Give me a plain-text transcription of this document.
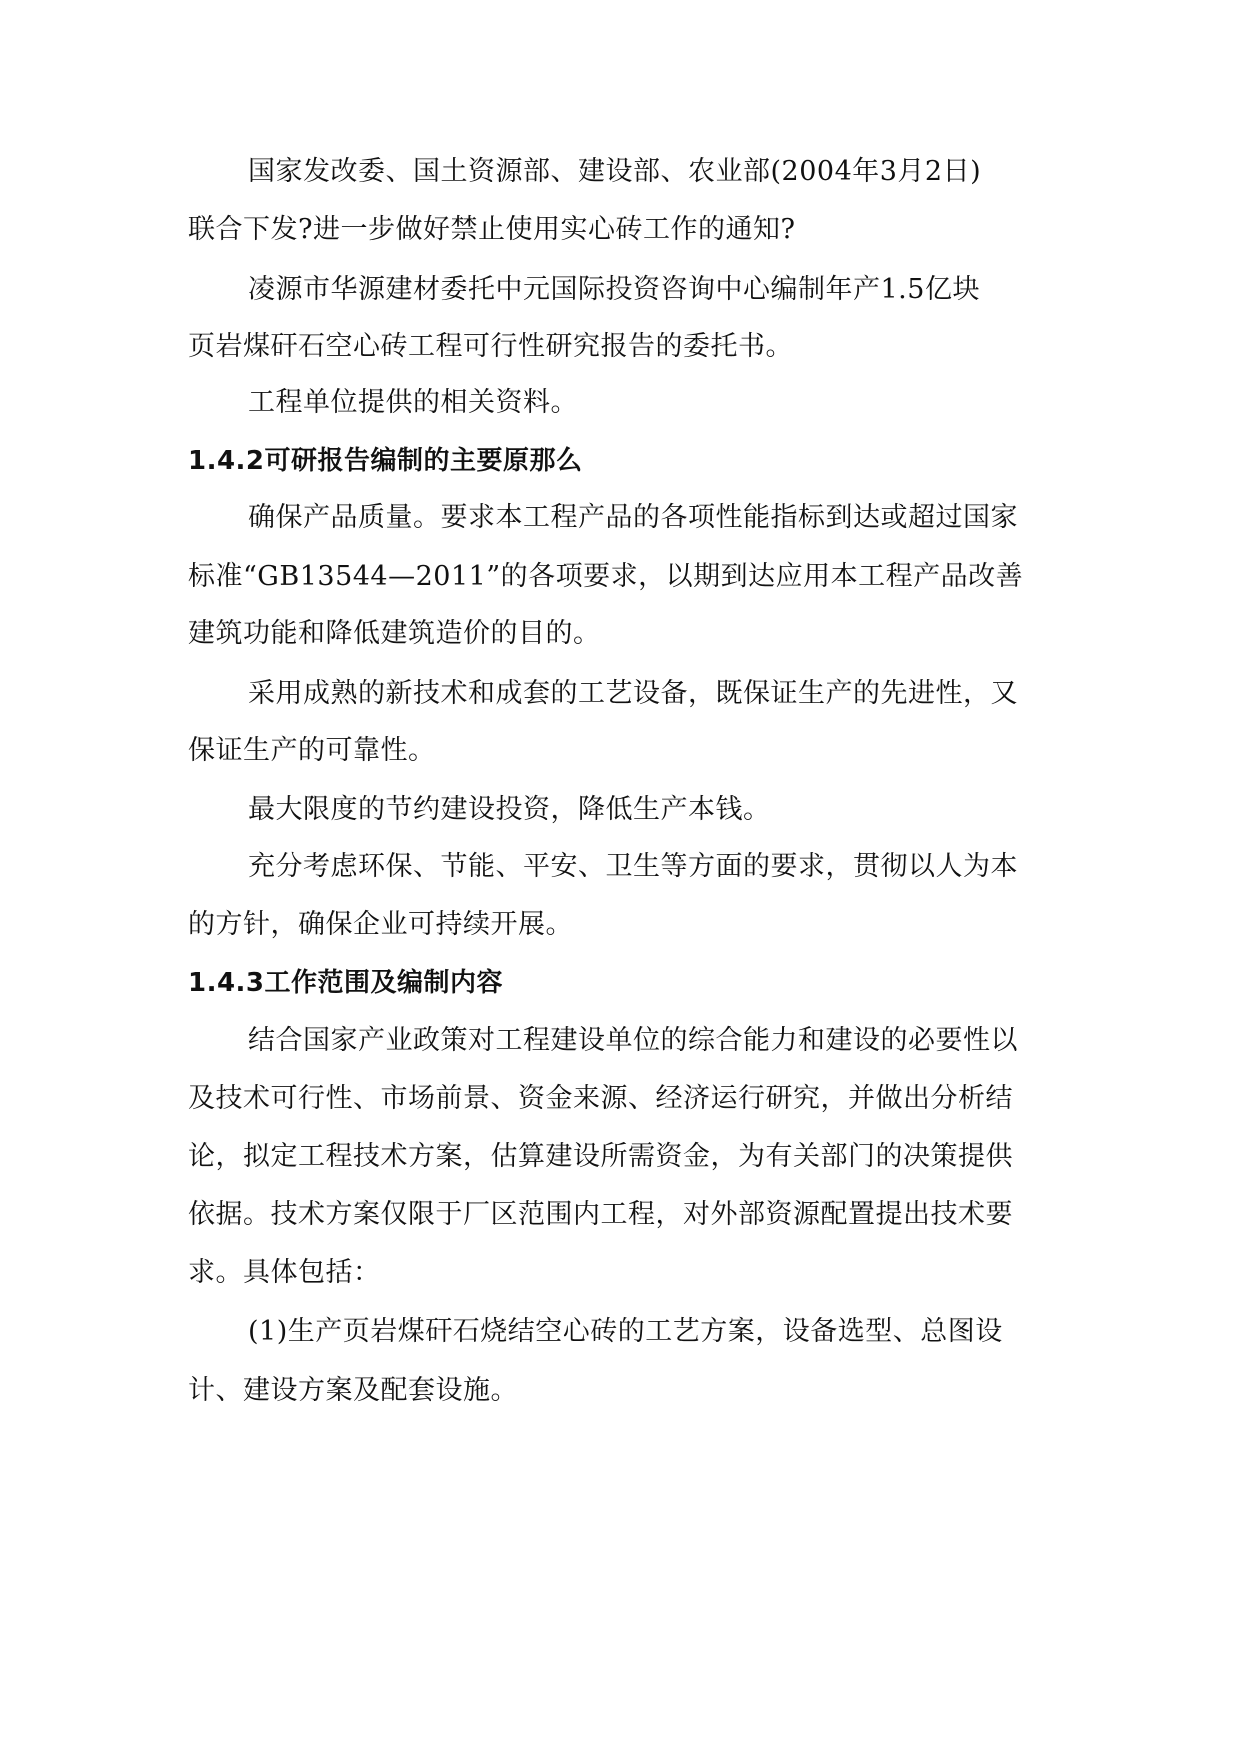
国家发改委、国土资源部、建设部、农业部(2004年3月2日)
联合下发?进一步做好禁止使用实心砖工作的通知?
凌源市华源建材委托中元国际投资咨询中心编制年产1.5亿块
页岩煤矸石空心砖工程可行性研究报告的委托书。
工程单位提供的相关资料。
1.4.2可研报告编制的主要原那么
确保产品质量。要求本工程产品的各项性能指标到达或超过国家
标准“GB13544—2011”的各项要求，以期到达应用本工程产品改善
建筑功能和降低建筑造价的目的。
采用成熟的新技术和成套的工艺设备，既保证生产的先进性，又
保证生产的可靠性。
最大限度的节约建设投资，降低生产本钱。
充分考虑环保、节能、平安、卫生等方面的要求，贯彻以人为本
的方针，确保企业可持续开展。
1.4.3工作范围及编制内容
结合国家产业政策对工程建设单位的综合能力和建设的必要性以
及技术可行性、市场前景、资金来源、经济运行研究，并做出分析结
论，拟定工程技术方案，估算建设所需资金，为有关部门的决策提供
依据。技术方案仅限于厂区范围内工程，对外部资源配置提出技术要
求。具体包括：
(1)生产页岩煤矸石烧结空心砖的工艺方案，设备选型、总图设
计、建设方案及配套设施。
